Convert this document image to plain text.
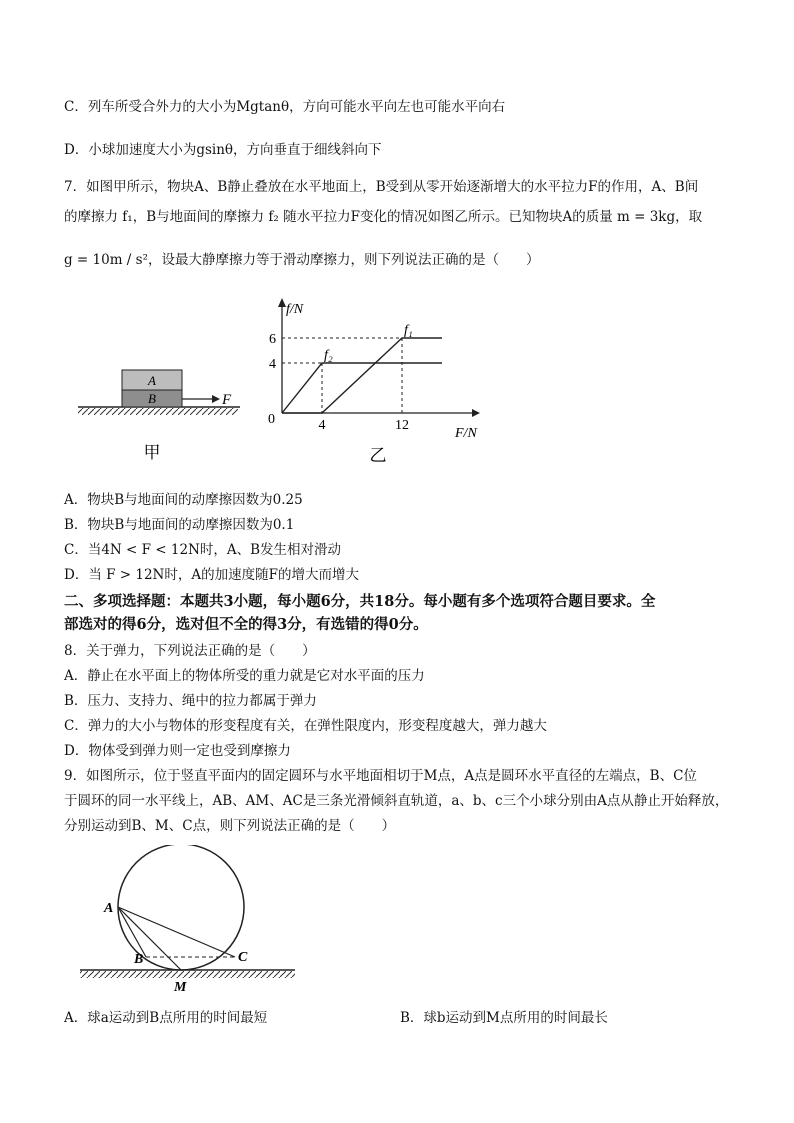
C．列车所受合外力的大小为Mgtanθ，方向可能水平向左也可能水平向右
D．小球加速度大小为gsinθ，方向垂直于细线斜向下
7．如图甲所示，物块A、B静止叠放在水平地面上，B受到从零开始逐渐增大的水平拉力F的作用，A、B间
的摩擦力 f₁，B与地面间的摩擦力 f₂ 随水平拉力F变化的情况如图乙所示。已知物块A的质量 m = 3kg，取
g = 10m / s²，设最大静摩擦力等于滑动摩擦力，则下列说法正确的是（　　）
A
B	F
甲
f/N
F/N
0	4	12
4
6
f₁
f₂
乙
A．物块B与地面间的动摩擦因数为0.25
B．物块B与地面间的动摩擦因数为0.1
C．当4N < F < 12N时，A、B发生相对滑动
D．当 F > 12N时，A的加速度随F的增大而增大
二、多项选择题：本题共3小题，每小题6分，共18分。每小题有多个选项符合题目要求。全
部选对的得6分，选对但不全的得3分，有选错的得0分。
8．关于弹力，下列说法正确的是（　　）
A．静止在水平面上的物体所受的重力就是它对水平面的压力
B．压力、支持力、绳中的拉力都属于弹力
C．弹力的大小与物体的形变程度有关，在弹性限度内，形变程度越大，弹力越大
D．物体受到弹力则一定也受到摩擦力
9．如图所示，位于竖直平面内的固定圆环与水平地面相切于M点，A点是圆环水平直径的左端点，B、C位
于圆环的同一水平线上，AB、AM、AC是三条光滑倾斜直轨道，a、b、c三个小球分别由A点从静止开始释放，
分别运动到B、M、C点，则下列说法正确的是（　　）
A
B	C
M
A．球a运动到B点所用的时间最短	B．球b运动到M点所用的时间最长
